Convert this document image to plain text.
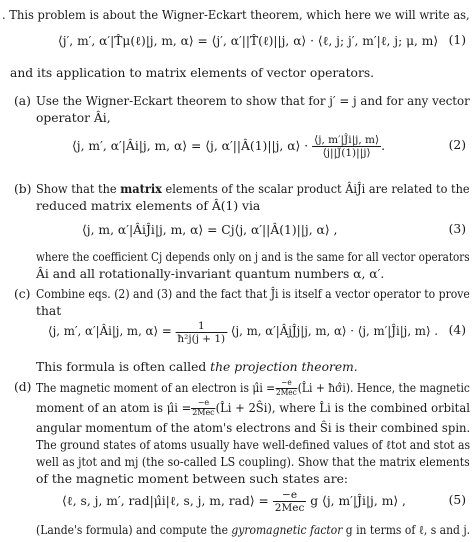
. This problem is about the Wigner-Eckart theorem, which here we will write as,
⟨j′, m′, α′|T̂μ(ℓ)|j, m, α⟩ = ⟨j′, α′||T̂(ℓ)||j, α⟩ · ⟨ℓ, j; j′, m′|ℓ, j; μ, m⟩ (1)
and its application to matrix elements of vector operators.
(a) Use the Wigner-Eckart theorem to show that for j′ = j and for any vector
operator Âi,
⟨j, m′, α′|Âi|j, m, α⟩ = ⟨j, α′||Â(1)||j, α⟩ · $\frac{⟨j, m'|Ĵi|j, m⟩}{⟨j||Ĵ(1)||j⟩}$ .	(2)
(b) Show that the matrix elements of the scalar product ÂiĴi are related to the
reduced matrix elements of Â(1) via
⟨j, m, α′|ÂiĴi|j, m, α⟩ = Cj⟨j, α′||Â(1)||j, α⟩ ,	(3)
where the coefficient Cj depends only on j and is the same for all vector operators
Âi and all rotationally-invariant quantum numbers α, α′.
(c) Combine eqs. (2) and (3) and the fact that Ĵi is itself a vector operator to prove
that
⟨j, m′, α′|Âi|j, m, α⟩ = $\frac{1}{\text{ħ²j(j + 1)}}$ ⟨j, m, α′|ÂjĴj|j, m, α⟩ · ⟨j, m′|Ĵi|j, m⟩ . (4)
This formula is often called the projection theorem.
(d) The magnetic moment of an electron is μ̂i = $\frac{-e}{\text{2Mec}}$ (L̂i + ħσ̂i). Hence, the magnetic
moment of an atom is μ̂i = $\frac{-e}{\text{2Mec}}$ (L̂i + 2Ŝi), where L̂i is the combined orbital
angular momentum of the atom's electrons and Ŝi is their combined spin.
The ground states of atoms usually have well-defined values of ℓtot and stot as
well as jtot and mj (the so-called LS coupling). Show that the matrix elements
of the magnetic moment between such states are:
⟨ℓ, s, j, m′, rad|μ̂i|ℓ, s, j, m, rad⟩ = $\frac{-e}{\text{2Mec}}$ g ⟨j, m′|Ĵi|j, m⟩ ,	(5)
(Lande's formula) and compute the gyromagnetic factor g in terms of ℓ, s and j.
